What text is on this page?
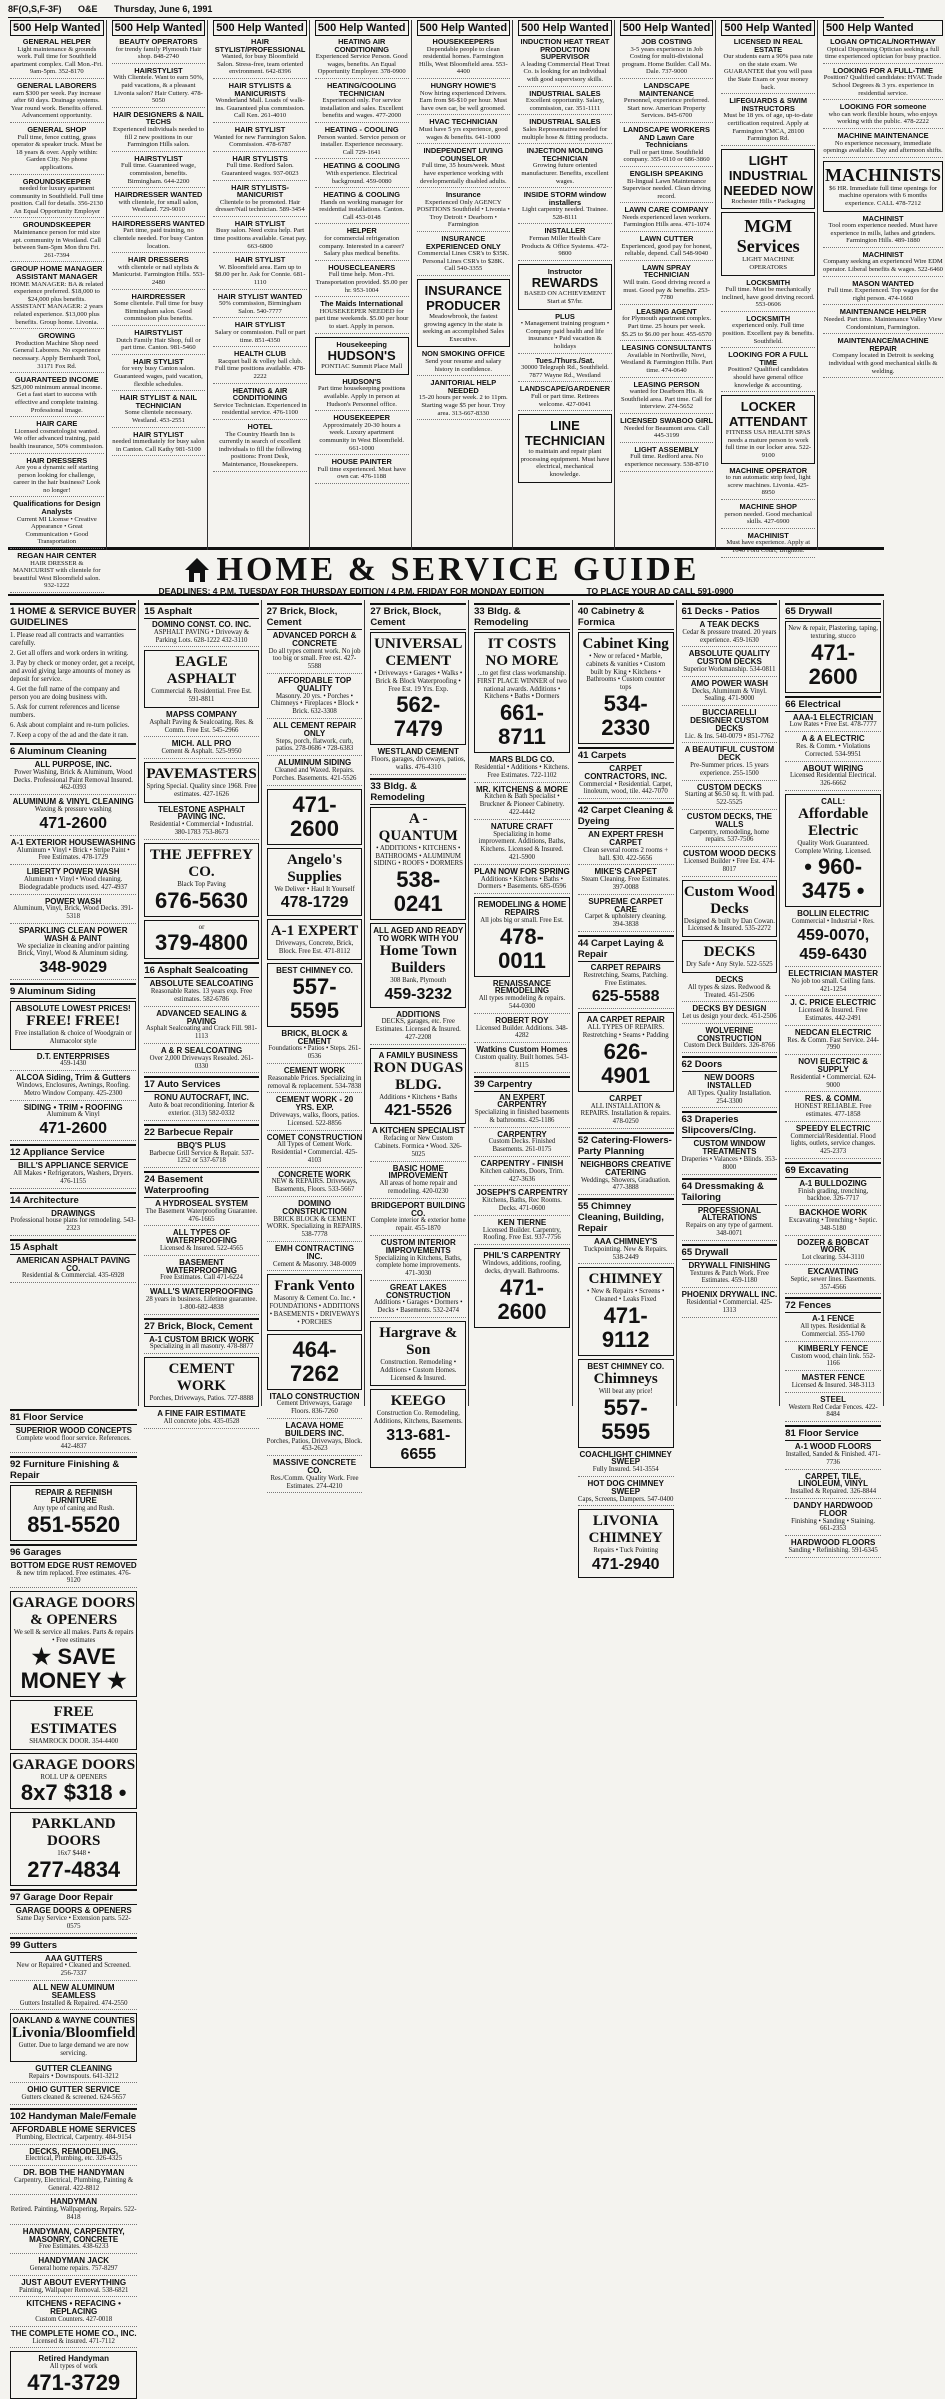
8F(O,S,F-3F) O&E Thursday, June 6, 1991
500 Help Wanted
GENERAL HELPER
Light maintenance & grounds work. Full time for Southfield apartment complex. Call Mon.-Fri. 9am-5pm. 352-8170
GENERAL LABORERS
earn $300 per week. Pay increase after 60 days. Drainage systems. Year round work. Benefits offered. Advancement opportunity.
GENERAL SHOP
Full time, fence cutting, grass operator & speaker truck. Must be 18 years & over. Apply within: Garden City. No phone applications.
GROUNDSKEEPER
needed for luxury apartment community in Southfield. Full time position. Call for details. 356-2130 An Equal Opportunity Employer
GROUNDSKEEPER
Maintenance person for mid size apt. community in Westland. Call between 9am-5pm Mon thru Fri. 261-7394
GROUP HOME MANAGER ASSISTANT MANAGER
HOME MANAGER: BA & related experience preferred. $18,000 to $24,000 plus benefits. ASSISTANT MANAGER: 2 years related experience. $13,000 plus benefits. Group home. Livonia.
GROWING
Production Machine Shop need General Laborers. No experience necessary. Apply Bernhardt Tool, 31171 Fox Rd.
GUARANTEED INCOME
$25,000 minimum annual income. Get a fast start to success with effective and complete training. Professional image.
HAIR CARE
Licensed cosmetologist wanted. We offer advanced training, paid health insurance, 50% commission.
HAIR DRESSERS
Are you a dynamic self starting person looking for challenge, career in the hair business? Look no longer!
Qualifications for Design Analysts
Current MI License • Creative Appearance • Great Communication • Good Transportation
REGAN HAIR CENTER
HAIR DRESSER & MANICURIST with clientele for beautiful West Bloomfield salon. 932-1222
500 Help Wanted
BEAUTY OPERATORS
for trendy family Plymouth Hair shop. 848-2740
HAIRSTYLIST
With Clientele. Want to earn 50%, paid vacations, & a pleasant Livonia salon? Hair Cuttery. 478-5050
HAIR DESIGNERS & NAIL TECHS
Experienced individuals needed to fill 2 new positions in our Farmington Hills salon.
HAIRSTYLIST
Full time. Guaranteed wage, commission, benefits. Birmingham. 644-2200
HAIRDRESSER WANTED
with clientele, for small salon, Westland. 729-9010
HAIRDRESSERS WANTED
Part time, paid training, no clientele needed. For busy Canton location.
HAIR DRESSERS
with clientele or nail stylists & Manicurist. Farmington Hills. 553-2480
HAIRDRESSER
Some clientele. Full time for busy Birmingham salon. Good commission plus benefits.
HAIRSTYLIST
Dutch Family Hair Shop, full or part time. Canton. 981-5460
HAIR STYLIST
for very busy Canton salon. Guaranteed wages, paid vacation, flexible schedules.
HAIR STYLIST & NAIL TECHNICIAN
Some clientele necessary. Westland. 453-2551
HAIR STYLIST
needed immediately for busy salon in Canton. Call Kathy 981-5100
500 Help Wanted
HAIR STYLIST/PROFESSIONAL
Wanted, for busy Bloomfield Salon. Stress-free, team oriented environment. 642-8396
HAIR STYLISTS & MANICURISTS
Wonderland Mall. Loads of walk-ins. Guaranteed plus commission. Call Ken. 261-4010
HAIR STYLIST
Wanted for new Farmington Salon. Commission. 478-6787
HAIR STYLISTS
Full time. Redford Salon. Guaranteed wages. 937-0023
HAIR STYLISTS-MANICURIST
Clientele to be promoted. Hair dresser/Nail technician. 589-3454
HAIR STYLIST
Busy salon. Need extra help. Part time positions available. Great pay. 663-6800
HAIR STYLIST
W. Bloomfield area. Earn up to $8.00 per hr. Ask for Connie. 681-1110
HAIR STYLIST WANTED
50% commission, Birmingham Salon. 540-7777
HAIR STYLIST
Salary or commission. Full or part time. 851-4350
HEALTH CLUB
Racquet ball & volley ball club. Full time positions available. 478-2222
HEATING & AIR CONDITIONING
Service Technician. Experienced in residential service. 476-1100
HOTEL
The Country Hearth Inn is currently in search of excellent individuals to fill the following positions: Front Desk, Maintenance, Housekeepers.
500 Help Wanted
HEATING AIR CONDITIONING
Experienced Service Person. Good wages, benefits. An Equal Opportunity Employer. 378-0900
HEATING/COOLING TECHNICIAN
Experienced only. For service installation and sales. Excellent benefits and wages. 477-2000
HEATING - COOLING
Person wanted. Service person or installer. Experience necessary. Call 729-1641
HEATING & COOLING
With experience. Electrical background. 459-0080
HEATING & COOLING
Hands on working manager for residential installations. Canton. Call 453-0148
HELPER
for commercial refrigeration company. Interested in a career? Salary plus medical benefits.
HOUSECLEANERS
Full time help. Mon.-Fri. Transportation provided. $5.00 per hr. 953-1004
The Maids International
HOUSEKEEPER NEEDED for part time weekends. $5.00 per hour to start. Apply in person.
Housekeeping
HUDSON'S
PONTIAC Summit Place Mall
HUDSON'S
Part time housekeeping positions available. Apply in person at Hudson's Personnel office.
HOUSEKEEPER
Approximately 20-30 hours a week. Luxury apartment community in West Bloomfield. 661-1000
HOUSE PAINTER
Full time experienced. Must have own car. 476-1188
500 Help Wanted
HOUSEKEEPERS
Dependable people to clean residential homes. Farmington Hills, West Bloomfield area. 553-4400
HUNGRY HOWIE'S
Now hiring experienced Drivers. Earn from $6-$10 per hour. Must have own car, be well groomed.
HVAC TECHNICIAN
Must have 5 yrs experience, good wages & benefits. 641-1000
INDEPENDENT LIVING COUNSELOR
Full time, 35 hours/week. Must have experience working with developmentally disabled adults.
Insurance
Experienced Only AGENCY POSITIONS Southfield • Livonia • Troy Detroit • Dearborn • Farmington
INSURANCE EXPERIENCED ONLY
Commercial Lines CSR's to $35K. Personal Lines CSR's to $28K. Call 540-3355
INSURANCE PRODUCER
Meadowbrook, the fastest growing agency in the state is seeking an accomplished Sales Executive.
NON SMOKING OFFICE
Send your resume and salary history in confidence.
JANITORIAL HELP NEEDED
15-20 hours per week. 2 to 11pm. Starting wage $5 per hour. Troy area. 313-667-8330
500 Help Wanted
INDUCTION HEAT TREAT PRODUCTION SUPERVISOR
A leading Commercial Heat Treat Co. is looking for an individual with good supervisory skills.
INDUSTRIAL SALES
Excellent opportunity. Salary, commission, car. 351-1111
INDUSTRIAL SALES
Sales Representative needed for multiple hose & fitting products.
INJECTION MOLDING TECHNICIAN
Growing future oriented manufacturer. Benefits, excellent wages.
INSIDE STORM window installers
Light carpentry needed. Trainee. 528-8111
INSTALLER
Ferman Miller Health Care Products & Office Systems. 472-9800
Instructor
REWARDS
BASED ON ACHIEVEMENT Start at $7/hr.
PLUS
• Management training program • Company paid health and life insurance • Paid vacation & holidays
Tues./Thurs./Sat.
30000 Telegraph Rd., Southfield. 7877 Wayne Rd., Westland
LANDSCAPE/GARDENER
Full or part time. Retirees welcome. 427-0041
LINE TECHNICIAN
to maintain and repair plant processing equipment. Must have electrical, mechanical knowledge.
500 Help Wanted
JOB COSTING
3-5 years experience in Job Costing for multi-divisional program. Home Builder. Call Ms. Dale. 737-9000
LANDSCAPE MAINTENANCE
Personnel, experience preferred. Start now. American Property Services. 845-6700
LANDSCAPE WORKERS AND Lawn Care Technicians
Full or part time. Southfield company. 355-0110 or 686-3860
ENGLISH SPEAKING
Bi-lingual Lawn Maintenance Supervisor needed. Clean driving record.
LAWN CARE COMPANY
Needs experienced lawn workers. Farmington Hills area. 471-1074
LAWN CUTTER
Experienced, good pay for honest, reliable, depend. Call 548-9040
LAWN SPRAY TECHNICIAN
Will train. Good driving record a must. Good pay & benefits. 253-7780
LEASING AGENT
for Plymouth apartment complex. Part time. 25 hours per week. $5.25 to $6.00 per hour. 455-6570
LEASING CONSULTANTS
Available in Northville, Novi, Westland & Farmington Hills. Part time. 474-0640
LEASING PERSON
wanted for Dearborn Hts. & Southfield area. Part time. Call for interview. 274-5652
LICENSED SWABOO GIRL
Needed for Beaumont area. Call 445-3199
LIGHT ASSEMBLY
Full time. Redford area. No experience necessary. 538-8710
500 Help Wanted
LICENSED IN REAL ESTATE
Our students earn a 90% pass rate on the state exam. We GUARANTEE that you will pass the State Exam or your money back.
LIFEGUARDS & SWIM INSTRUCTORS
Must be 18 yrs. of age, up-to-date certification required. Apply at Farmington YMCA, 28100 Farmington Rd.
LIGHT INDUSTRIAL NEEDED NOW
Rochester Hills • Packaging
MGM Services
LIGHT MACHINE OPERATORS
LOCKSMITH
Full time. Must be mechanically inclined, have good driving record. 553-0606
LOCKSMITH
experienced only. Full time position. Excellent pay & benefits. Southfield.
LOOKING FOR A FULL TIME
Position? Qualified candidates should have general office knowledge & accounting.
LOCKER ATTENDANT
FITNESS USA HEALTH SPAS needs a mature person to work full time in our locker area. 522-9100
MACHINE OPERATOR
to run automatic strip feed, light screw machines. Livonia. 425-8950
MACHINE SHOP
person needed. Good mechanical skills. 427-6900
MACHINIST
Must have experience. Apply at 1640 Ford Court, Brighton.
500 Help Wanted
LOGAN OPTICAL/NORTHWAY
Optical Dispensing Optician seeking a full time experienced optician for busy practice.
LOOKING FOR A FULL-TIME
Position? Qualified candidates: HVAC Trade School Degrees & 3 yrs. experience in residential service.
LOOKING FOR someone
who can work flexible hours, who enjoys working with the public. 478-2222
MACHINE MAINTENANCE
No experience necessary, immediate openings available. Day and afternoon shifts.
MACHINISTS
$6 HR. Immediate full time openings for machine operators with 6 months experience. CALL 478-7212
MACHINIST
Tool room experience needed. Must have experience in mills, lathes and grinders. Farmington Hills. 489-1880
MACHINIST
Company seeking an experienced Wire EDM operator. Liberal benefits & wages. 522-6460
MASON WANTED
Full time. Experienced. Top wages for the right person. 474-1660
MAINTENANCE HELPER
Needed. Part time. Maintenance Valley View Condominium, Farmington.
MAINTENANCE/MACHINE REPAIR
Company located in Detroit is seeking individual with good mechanical skills & welding.
HOME & SERVICE GUIDE
DEADLINES: 4 P.M. TUESDAY FOR THURSDAY EDITION / 4 P.M. FRIDAY FOR MONDAY EDITION	TO PLACE YOUR AD CALL 591-0900
1 HOME & SERVICE BUYER GUIDELINES
1. Please read all contracts and warranties carefully.
2. Get all offers and work orders in writing.
3. Pay by check or money order, get a receipt, and avoid giving large amounts of money as deposit for service.
4. Get the full name of the company and person you are doing business with.
5. Ask for current references and license numbers.
6. Ask about complaint and re-turn policies.
7. Keep a copy of the ad and the date it ran.
6 Aluminum Cleaning
ALL PURPOSE, INC.
Power Washing, Brick & Aluminum, Wood Decks. Professional Paint Removal Insured. 462-0393
ALUMINUM & VINYL CLEANING
Waxing & pressure washing
471-2600
A-1 EXTERIOR HOUSEWASHING
Aluminum • Vinyl • Brick • Stripe Paint • Free Estimates. 478-1729
LIBERTY POWER WASH
Aluminum • Vinyl • Wood cleaning. Biodegradable products used. 427-4937
POWER WASH
Aluminum, Vinyl, Brick, Wood Decks. 391-5318
SPARKLING CLEAN POWER WASH & PAINT
We specialize in cleaning and/or painting Brick, Vinyl, Wood & Aluminum siding.
348-9029
9 Aluminum Siding
ABSOLUTE LOWEST PRICES!
FREE! FREE!
Free installation & choice of Woodgrain or Alumacolor style
D.T. ENTERPRISES
459-1430
ALCOA Siding, Trim & Gutters
Windows, Enclosures, Awnings, Roofing. Metro Window Company. 425-2300
SIDING • TRIM • ROOFING
Aluminum & Vinyl
471-2600
12 Appliance Service
BILL'S APPLIANCE SERVICE
All Makes • Refrigerators, Washers, Dryers. 476-1155
14 Architecture
DRAWINGS
Professional house plans for remodeling. 543-2323
15 Asphalt
AMERICAN ASPHALT PAVING CO.
Residential & Commercial. 435-6928
15 Asphalt
DOMINO CONST. CO. INC.
ASPHALT PAVING • Driveway & Parking Lots. 628-1222 432-3110
EAGLE ASPHALT
Commercial & Residential. Free Est. 591-8811
MAPSS COMPANY
Asphalt Paving & Sealcoating. Res. & Comm. Free Est. 545-2966
MICH. ALL PRO
Cement & Asphalt. 525-9950
PAVEMASTERS
Spring Special. Quality since 1968. Free estimates. 427-1626
TELESTONE ASPHALT PAVING INC.
Residential • Commercial • Industrial. 380-1783 753-8673
THE JEFFREY CO.
Black Top Paving
676-5630
or
379-4800
16 Asphalt Sealcoating
ABSOLUTE SEALCOATING
Reasonable Rates. 13 years exp. Free estimates. 582-6786
ADVANCED SEALING & PAVING
Asphalt Sealcoating and Crack Fill. 981-1113
A & R SEALCOATING
Over 2,000 Driveways Resealed. 261-0330
17 Auto Services
RONU AUTOCRAFT, INC.
Auto & boat reconditioning. Interior & exterior. (313) 582-0332
22 Barbecue Repair
BBQ'S PLUS
Barbecue Grill Service & Repair. 537-1252 or 537-6718
24 Basement Waterproofing
A HYDROSEAL SYSTEM
The Basement Waterproofing Guarantee. 476-1665
ALL TYPES OF WATERPROOFING
Licensed & Insured. 522-4565
BASEMENT WATERPROOFING
Free Estimates. Call 471-6224
WALL'S WATERPROOFING
28 years in business. Lifetime guarantee. 1-800-682-4838
27 Brick, Block, Cement
A-1 CUSTOM BRICK WORK
Specializing in all masonry. 478-8877
CEMENT WORK
Porches, Driveways, Patios. 727-8888
A FINE FAIR ESTIMATE
All concrete jobs. 435-0528
27 Brick, Block, Cement
ADVANCED PORCH & CONCRETE
Do all types cement work. No job too big or small. Free est. 427-5588
AFFORDABLE TOP QUALITY
Masonry. 20 yrs. • Porches • Chimneys • Fireplaces • Block • Brick. 632-3308
ALL CEMENT REPAIR ONLY
Steps, porch, flatwork, curb, patios. 278-0686 • 728-6383
ALUMINUM SIDING
Cleaned and Waxed. Repairs. Porches. Basements. 421-5526
471-2600
Angelo's Supplies
We Deliver • Haul It Yourself
478-1729
A-1 EXPERT
Driveways, Concrete, Brick, Block. Free Est. 471-8112
BEST CHIMNEY CO.
557-5595
BRICK, BLOCK & CEMENT
Foundations • Patios • Steps. 261-0536
CEMENT WORK
Reasonable Prices. Specializing in removal & replacement. 534-7838
CEMENT WORK - 20 YRS. EXP.
Driveways, walks, floors, patios. Licensed. 522-8856
COMET CONSTRUCTION
All Types of Cement Work. Residential • Commercial. 425-4103
CONCRETE WORK
NEW & REPAIRS. Driveways, Basements, Floors. 533-5667
DOMINO CONSTRUCTION
BRICK BLOCK & CEMENT WORK. Specializing in REPAIRS. 538-7778
EMH CONTRACTING INC.
Cement & Masonry. 348-0009
Frank Vento
Masonry & Cement Co. Inc. • FOUNDATIONS • ADDITIONS • BASEMENTS • DRIVEWAYS • PORCHES
464-7262
ITALO CONSTRUCTION
Cement Driveways, Garage Floors. 836-7260
LACAVA HOME BUILDERS INC.
Porches, Patios, Driveways, Block. 453-2623
MASSIVE CONCRETE CO.
Res./Comm. Quality Work. Free Estimates. 274-4210
27 Brick, Block, Cement
UNIVERSAL CEMENT
• Driveways • Garages • Walks • Brick & Block Waterproofing • Free Est. 19 Yrs. Exp.
562-7479
WESTLAND CEMENT
Floors, garages, driveways, patios, walks. 476-4310
33 Bldg. & Remodeling
A - QUANTUM
• ADDITIONS • KITCHENS • BATHROOMS • ALUMINUM SIDING • ROOFS • DORMERS
538-0241
ALL AGED AND READY TO WORK WITH YOU
Home Town Builders
308 Bank, Plymouth
459-3232
ADDITIONS
DECKS, garages, etc. Free Estimates. Licensed & Insured. 427-2208
A FAMILY BUSINESS
RON DUGAS BLDG.
Additions • Kitchens • Baths
421-5526
A KITCHEN SPECIALIST
Refacing or New Custom Cabinets. Formica • Wood. 326-5025
BASIC HOME IMPROVEMENT
All areas of home repair and remodeling. 420-0230
BRIDGEPORT BUILDING CO.
Complete interior & exterior home repair. 455-1870
CUSTOM INTERIOR IMPROVEMENTS
Specializing in Kitchens, Baths, complete home improvements. 471-3030
GREAT LAKES CONSTRUCTION
Additions • Garages • Dormers • Decks • Basements. 532-2474
Hargrave & Son
Construction. Remodeling • Additions • Custom Homes. Licensed & Insured.
KEEGO
Construction Co. Remodeling, Additions, Kitchens, Basements.
313-681-6655
33 Bldg. & Remodeling
IT COSTS NO MORE
...to get first class workmanship. FIRST PLACE WINNER of two national awards. Additions • Kitchens • Baths • Dormers
661-8711
MARS BLDG CO.
Residential • Additions • Kitchens. Free Estimates. 722-1102
MR. KITCHENS & MORE
Kitchen & Bath Specialist • Bruckner & Pioneer Cabinetry. 422-4442
NATURE CRAFT
Specializing in home improvement. Additions, Baths, Kitchens. Licensed & Insured. 421-5900
PLAN NOW FOR SPRING
Additions • Kitchens • Baths • Dormers • Basements. 685-0596
REMODELING & HOME REPAIRS
All jobs big or small. Free Est.
478-0011
RENAISSANCE REMODELING
All types remodeling & repairs. 544-0300
ROBERT ROY
Licensed Builder. Additions. 348-4282
Watkins Custom Homes
Custom quality. Built homes. 543-8115
39 Carpentry
AN EXPERT CARPENTRY
Specializing in finished basements & bathrooms. 425-1186
CARPENTRY
Custom Decks. Finished Basements. 261-0175
CARPENTRY - FINISH
Kitchen cabinets, Doors, Trim. 427-3636
JOSEPH'S CARPENTRY
Kitchens, Baths, Rec Rooms. Decks. 471-0600
KEN TIERNE
Licensed Builder. Carpentry, Roofing. Free Est. 937-7756
PHIL'S CARPENTRY
Windows, additions, roofing, decks, drywall. Bathrooms.
471-2600
40 Cabinetry & Formica
Cabinet King
• New or refaced • Marble, cabinets & vanities • Custom built by King • Kitchens • Bathrooms • Custom counter tops
534-2330
41 Carpets
CARPET CONTRACTORS, INC.
Commercial • Residential. Carpet, linoleum, wood, tile. 442-7070
42 Carpet Cleaning & Dyeing
AN EXPERT FRESH CARPET
Clean several rooms 2 rooms + hall. $30. 422-5656
MIKE'S CARPET
Steam Cleaning. Free Estimates. 397-0088
SUPREME CARPET CARE
Carpet & upholstery cleaning. 394-3838
44 Carpet Laying & Repair
CARPET REPAIRS
Restretching, Seams, Patching. Free Estimates.
625-5588
AA CARPET REPAIR
ALL TYPES OF REPAIRS. Restretching • Seams • Padding
626-4901
CARPET
ALL INSTALLATION & REPAIRS. Installation & repairs. 478-0250
52 Catering-Flowers-Party Planning
NEIGHBORS CREATIVE CATERING
Weddings, Showers, Graduation. 477-3888
55 Chimney Cleaning, Building, Repair
AAA CHIMNEY'S
Tuckpointing. New & Repairs. 538-2449
CHIMNEY
• New & Repairs • Screens • Cleaned • Leaks Fixed
471-9112
BEST CHIMNEY CO.
Chimneys
Will beat any price!
557-5595
COACHLIGHT CHIMNEY SWEEP
Fully Insured. 541-3554
HOT DOG CHIMNEY SWEEP
Caps, Screens, Dampers. 547-0400
LIVONIA CHIMNEY
Repairs • Tuck Pointing
471-2940
61 Decks - Patios
A TEAK DECKS
Cedar & pressure treated. 20 years experience. 459-1630
ABSOLUTE QUALITY CUSTOM DECKS
Superior Workmanship. 534-0811
AMO POWER WASH
Decks, Aluminum & Vinyl. Sealing. 471-9000
BUCCIARELLI DESIGNER CUSTOM DECKS
Lic. & Ins. 540-0079 • 851-7762
A BEAUTIFUL CUSTOM DECK
Pre-Summer prices. 15 years experience. 255-1500
CUSTOM DECKS
Starting at $6.50 sq. ft. with pad. 522-5525
CUSTOM DECKS, THE WALLS
Carpentry, remodeling, home repairs. 537-7506
CUSTOM WOOD DECKS
Licensed Builder • Free Est. 474-8017
Custom Wood Decks
Designed & built by Dan Cowan. Licensed & Insured. 535-2272
DECKS
Dry Safe • Any Style. 522-5525
DECKS
All types & sizes. Redwood & Treated. 451-2506
DECKS BY DESIGN
Let us design your deck. 451-2506
WOLVERINE CONSTRUCTION
Custom Deck Builders. 326-8766
62 Doors
NEW DOORS INSTALLED
All Types. Quality Installation. 254-3300
63 Draperies Slipcovers/Clng.
CUSTOM WINDOW TREATMENTS
Draperies • Valances • Blinds. 353-8000
64 Dressmaking & Tailoring
PROFESSIONAL ALTERATIONS
Repairs on any type of garment. 348-0071
65 Drywall
DRYWALL FINISHING
Textures & Patch Work. Free Estimates. 459-1180
PHOENIX DRYWALL INC.
Residential • Commercial. 425-1313
65 Drywall
New & repair, Plastering, taping, texturing, stucco
471-2600
66 Electrical
AAA-1 ELECTRICIAN
Low Rates • Free Est. 478-7777
A & A ELECTRIC
Res. & Comm. • Violations Corrected. 534-9951
ABOUT WIRING
Licensed Residential Electrical. 326-6662
CALL:
Affordable Electric
Quality Work Guaranteed. Complete Wiring. Licensed.
• 960-3475 •
BOLLIN ELECTRIC
Commercial • Industrial • Res.
459-0070, 459-6430
ELECTRICIAN MASTER
No job too small. Ceiling fans. 421-1254
J. C. PRICE ELECTRIC
Licensed & Insured. Free Estimates. 442-2491
NEDCAN ELECTRIC
Res. & Comm. Fast Service. 244-7990
NOVI ELECTRIC & SUPPLY
Residential • Commercial. 624-9000
RES. & COMM.
HONEST RELIABLE. Free estimates. 477-1858
SPEEDY ELECTRIC
Commercial/Residential. Flood lights, outlets, service changes. 425-2373
69 Excavating
A-1 BULLDOZING
Finish grading, trenching, backhoe. 326-7717
BACKHOE WORK
Excavating • Trenching • Septic. 348-5180
DOZER & BOBCAT WORK
Lot clearing. 534-3110
EXCAVATING
Septic, sewer lines. Basements. 357-4566
72 Fences
A-1 FENCE
All types. Residential & Commercial. 355-1760
KIMBERLY FENCE
Custom wood, chain link. 552-1166
MASTER FENCE
Licensed & Insured. 348-3113
STEEL
Western Red Cedar Fences. 422-8484
81 Floor Service
A-1 WOOD FLOORS
Installed, Sanded & Finished. 471-7736
CARPET, TILE, LINOLEUM, VINYL
Installed & Repaired. 326-8844
DANDY HARDWOOD FLOOR
Finishing • Sanding • Staining. 661-2353
HARDWOOD FLOORS
Sanding • Refinishing. 591-6345
81 Floor Service
SUPERIOR WOOD CONCEPTS
Complete wood floor service. References. 442-4837
92 Furniture Finishing & Repair
REPAIR & REFINISH FURNITURE
Any type of caning and Rush.
851-5520
96 Garages
BOTTOM EDGE RUST REMOVED
& new trim replaced. Free estimates. 476-9120
GARAGE DOORS & OPENERS
We sell & service all makes. Parts & repairs • Free estimates
★ SAVE MONEY ★
FREE ESTIMATES
SHAMROCK DOOR. 354-4400
GARAGE DOORS
ROLL UP & OPENERS
8x7 $318 •
PARKLAND DOORS
16x7 $448 •
277-4834
97 Garage Door Repair
GARAGE DOORS & OPENERS
Same Day Service • Extension parts. 522-0575
99 Gutters
AAA GUTTERS
New or Repaired • Cleaned and Screened. 256-7337
ALL NEW ALUMINUM SEAMLESS
Gutters Installed & Repaired. 474-2550
OAKLAND & WAYNE COUNTIES
Livonia/Bloomfield
Gutter. Due to large demand we are now servicing.
GUTTER CLEANING
Repairs • Downspouts. 641-3212
OHIO GUTTER SERVICE
Gutters cleaned & screened. 624-5657
102 Handyman Male/Female
AFFORDABLE HOME SERVICES
Plumbing, Electrical, Carpentry. 484-9154
DECKS, REMODELING,
Electrical, Plumbing, etc. 326-4325
DR. BOB THE HANDYMAN
Carpentry, Electrical, Plumbing, Painting & General. 422-8812
HANDYMAN
Retired. Painting, Wallpapering, Repairs. 522-8418
HANDYMAN, CARPENTRY, MASONRY, CONCRETE
Free Estimates. 438-6233
HANDYMAN JACK
General home repairs. 757-8297
JUST ABOUT EVERYTHING
Painting, Wallpaper Removal. 538-6821
KITCHENS • REFACING • REPLACING
Custom Counters. 427-0018
THE COMPLETE HOME CO., INC.
Licensed & insured. 471-7112
Retired Handyman
All types of work
471-3729
